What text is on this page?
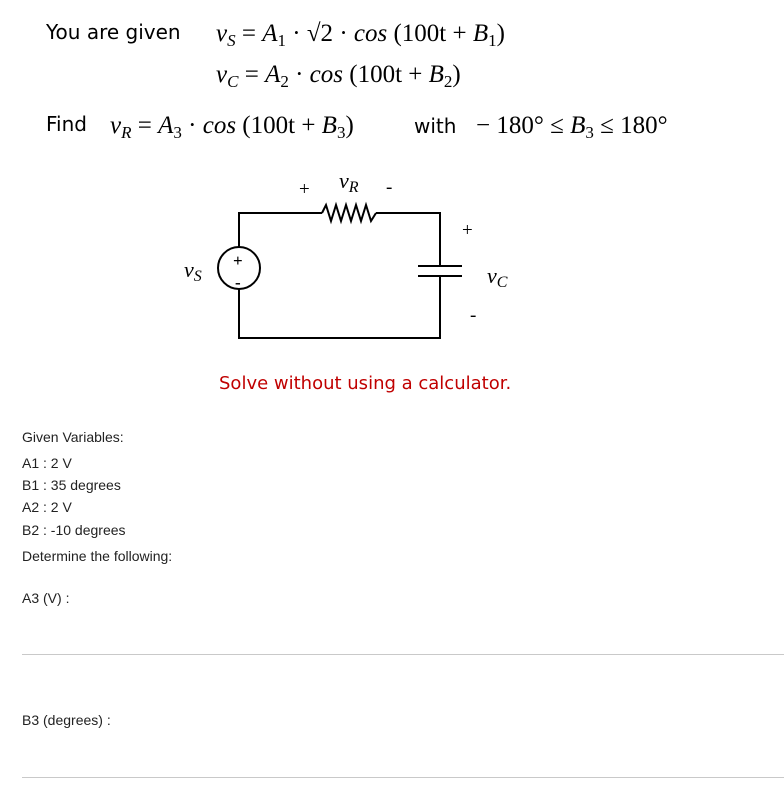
You are given $v_S = A_1 \cdot √2 \cdot \cos (100t + B_1)$
$v_C = A_2 \cdot \cos (100t + B_2)$
Find $v_R = A_3 \cdot \cos (100t + B_3)$	with − $180^\circ \le B_3 \le 180^\circ$
+
-
+ vR -
vS
+
vC
-
Solve without using a calculator.
Given Variables:
A1 : 2 V
B1 : 35 degrees
A2 : 2 V
B2 : -10 degrees
Determine the following:
A3 (V) :
B3 (degrees) :
